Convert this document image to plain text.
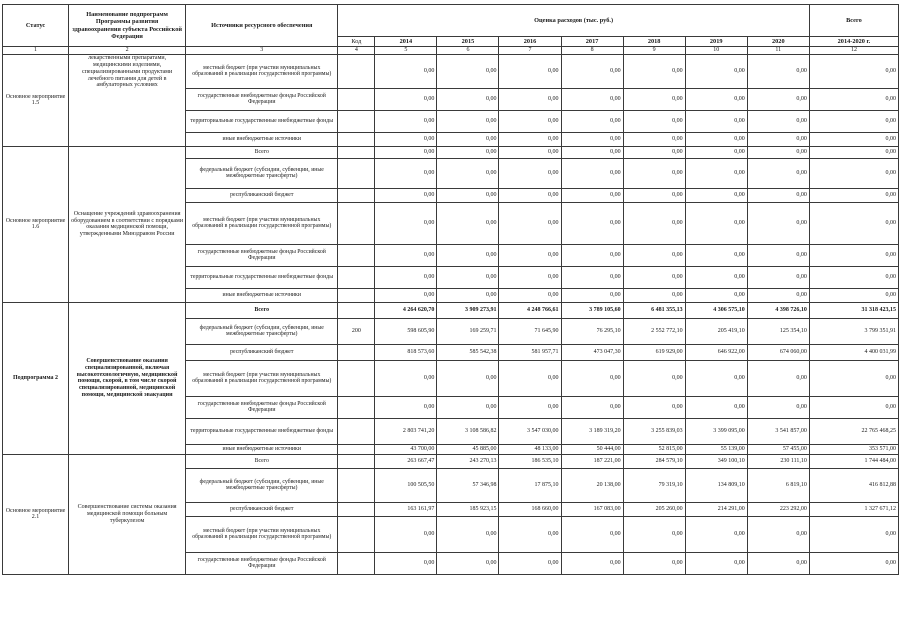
Статус	Наименование подпрограмм Программы развития здравоохранения субъекта Российской Федерации	Источники ресурсного обеспечения	Оценка расходов (тыс. руб.)								Всего
			Код	2014	2015	2016	2017	2018	2019	2020	2014-2020 г.
1	2	3	4	5	6	7	8	9	10	11	12
Основное мероприятие 1.5	лекарственными препаратами, медицинскими изделиями, специализированными продуктами лечебного питания для детей в амбулаторных условиях	местный бюджет (при участии муниципальных образований в реализации государственной программы)		0,00	0,00	0,00	0,00	0,00	0,00	0,00	0,00
		государственные внебюджетные фонды Российской Федерации		0,00	0,00	0,00	0,00	0,00	0,00	0,00	0,00
		территориальные государственные внебюджетные фонды		0,00	0,00	0,00	0,00	0,00	0,00	0,00	0,00
		иные внебюджетные источники		0,00	0,00	0,00	0,00	0,00	0,00	0,00	0,00
Основное мероприятие 1.6	Оснащение учреждений здравоохранения оборудованием в соответствии с порядками оказания медицинской помощи, утвержденными Минздравом России	Всего		0,00	0,00	0,00	0,00	0,00	0,00	0,00	0,00
		федеральный бюджет (субсидии, субвенции, иные межбюджетные трансферты)		0,00	0,00	0,00	0,00	0,00	0,00	0,00	0,00
		республиканский бюджет		0,00	0,00	0,00	0,00	0,00	0,00	0,00	0,00
		местный бюджет (при участии муниципальных образований в реализации государственной программы)		0,00	0,00	0,00	0,00	0,00	0,00	0,00	0,00
		государственные внебюджетные фонды Российской Федерации		0,00	0,00	0,00	0,00	0,00	0,00	0,00	0,00
		территориальные государственные внебюджетные фонды		0,00	0,00	0,00	0,00	0,00	0,00	0,00	0,00
		иные внебюджетные источники		0,00	0,00	0,00	0,00	0,00	0,00	0,00	0,00
Подпрограмма 2	Совершенствование оказания специализированной, включая высокотехнологичную, медицинской помощи, скорой, в том числе скорой специализированной, медицинской помощи, медицинской эвакуации	Всего		4 264 620,70	3 909 273,91	4 248 766,61	3 789 105,60	6 481 355,13	4 306 575,10	4 398 726,10	31 318 423,15
		федеральный бюджет (субсидии, субвенции, иные межбюджетные трансферты)	200	598 605,90	169 259,71	71 645,90	76 295,10	2 552 772,10	205 419,10	125 354,10	3 799 351,91
		республиканский бюджет		818 573,60	585 542,38	581 957,71	473 047,30	619 929,00	646 922,00	674 060,00	4 400 031,99
		местный бюджет (при участии муниципальных образований в реализации государственной программы)		0,00	0,00	0,00	0,00	0,00	0,00	0,00	0,00
		государственные внебюджетные фонды Российской Федерации		0,00	0,00	0,00	0,00	0,00	0,00	0,00	0,00
		территориальные государственные внебюджетные фонды		2 803 741,20	3 108 586,82	3 547 030,00	3 189 319,20	3 255 839,03	3 399 095,00	3 541 857,00	22 765 468,25
		иные внебюджетные источники		43 700,00	45 885,00	48 133,00	50 444,00	52 815,00	55 139,00	57 455,00	353 571,00
Основное мероприятие 2.1	Совершенствование системы оказания медицинской помощи больным туберкулезом	Всего		263 667,47	243 270,13	186 535,10	187 221,00	284 579,10	349 100,10	230 111,10	1 744 484,00
		федеральный бюджет (субсидии, субвенции, иные межбюджетные трансферты)		100 505,50	57 346,98	17 875,10	20 138,00	79 319,10	134 809,10	6 819,10	416 812,88
		республиканский бюджет		163 161,97	185 923,15	168 660,00	167 083,00	205 260,00	214 291,00	223 292,00	1 327 671,12
		местный бюджет (при участии муниципальных образований в реализации государственной программы)		0,00	0,00	0,00	0,00	0,00	0,00	0,00	0,00
		государственные внебюджетные фонды Российской Федерации		0,00	0,00	0,00	0,00	0,00	0,00	0,00	0,00
